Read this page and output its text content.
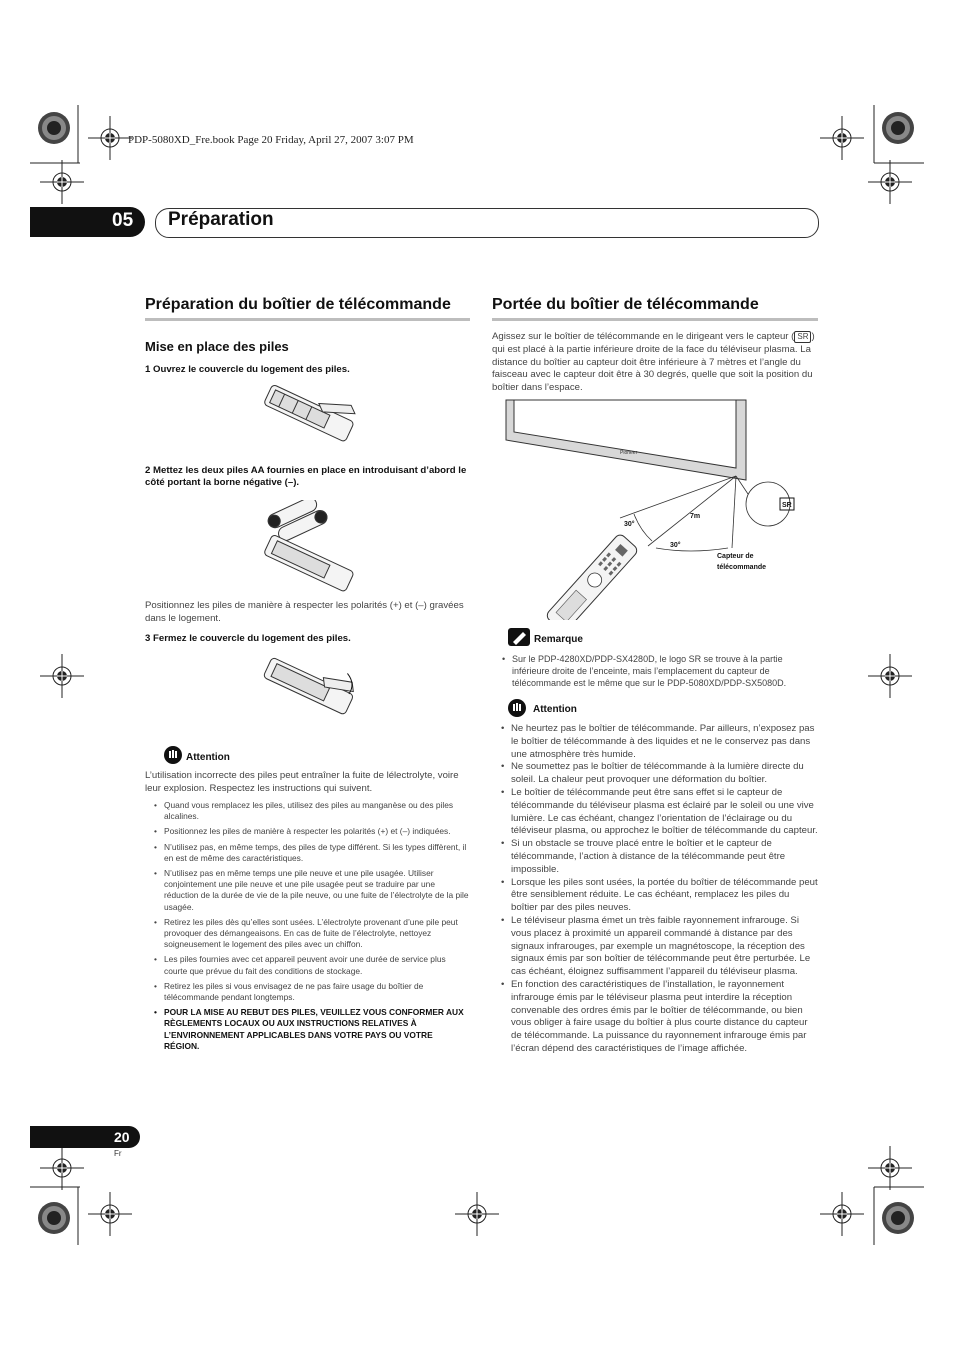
PDP-5080XD_Fre.book Page 20 Friday, April 27, 2007 3:07 PM
05 Préparation
Préparation du boîtier de télécommande
Mise en place des piles
1 Ouvrez le couvercle du logement des piles.
2 Mettez les deux piles AA fournies en place en introduisant d’abord le côté portant la borne négative (–).
Positionnez les piles de manière à respecter les polarités (+) et (–) gravées dans le logement.
3 Fermez le couvercle du logement des piles.
Attention
L’utilisation incorrecte des piles peut entraîner la fuite de lélectrolyte, voire leur explosion. Respectez les instructions qui suivent.
• Quand vous remplacez les piles, utilisez des piles au manganèse ou des piles alcalines.
• Positionnez les piles de manière à respecter les polarités (+) et (–) indiquées.
• N’utilisez pas, en même temps, des piles de type différent. Si les types diffèrent, il en est de même des caractéristiques.
• N’utilisez pas en même temps une pile neuve et une pile usagée. Utiliser conjointement une pile neuve et une pile usagée peut se traduire par une réduction de la durée de vie de la pile neuve, ou une fuite de l’électrolyte de la pile usagée.
• Retirez les piles dès qu’elles sont usées. L’électrolyte provenant d’une pile peut provoquer des démangeaisons. En cas de fuite de l’électrolyte, nettoyez soigneusement le logement des piles avec un chiffon.
• Les piles fournies avec cet appareil peuvent avoir une durée de service plus courte que prévue du fait des conditions de stockage.
• Retirez les piles si vous envisagez de ne pas faire usage du boîtier de télécommande pendant longtemps.
• POUR LA MISE AU REBUT DES PILES, VEUILLEZ VOUS CONFORMER AUX RÈGLEMENTS LOCAUX OU AUX INSTRUCTIONS RELATIVES À L’ENVIRONNEMENT APPLICABLES DANS VOTRE PAYS OU VOTRE RÉGION.
Portée du boîtier de télécommande
Agissez sur le boîtier de télécommande en le dirigeant vers le capteur ( SR ) qui est placé à la partie inférieure droite de la face du téléviseur plasma. La distance du boîtier au capteur doit être inférieure à 7 mètres et l’angle du faisceau avec le capteur doit être à 30 degrés, quelle que soit la position du boîtier dans l’espace.
Pioneer
30°
7m
30°
SR
Capteur de
télécommande
Remarque
• Sur le PDP-4280XD/PDP-SX4280D, le logo SR se trouve à la partie inférieure droite de l’enceinte, mais l’emplacement du capteur de télécommande est le même que sur le PDP-5080XD/PDP-SX5080D.
Attention
• Ne heurtez pas le boîtier de télécommande. Par ailleurs, n’exposez pas le boîtier de télécommande à des liquides et ne le conservez pas dans une atmosphère très humide.
• Ne soumettez pas le boîtier de télécommande à la lumière directe du soleil. La chaleur peut provoquer une déformation du boîtier.
• Le boîtier de télécommande peut être sans effet si le capteur de télécommande du téléviseur plasma est éclairé par le soleil ou une vive lumière. Le cas échéant, changez l’orientation de l’éclairage ou du téléviseur plasma, ou approchez le boîtier de télécommande du capteur.
• Si un obstacle se trouve placé entre le boîtier et le capteur de télécommande, l’action à distance de la télécommande peut être impossible.
• Lorsque les piles sont usées, la portée du boîtier de télécommande peut être sensiblement réduite. Le cas échéant, remplacez les piles du boîtier par des piles neuves.
• Le téléviseur plasma émet un très faible rayonnement infrarouge. Si vous placez à proximité un appareil commandé à distance par des signaux infrarouges, par exemple un magnétoscope, la réception des signaux émis par son boîtier de télécommande peut être perturbée. Le cas échéant, éloignez suffisamment l’appareil du téléviseur plasma.
• En fonction des caractéristiques de l’installation, le rayonnement infrarouge émis par le téléviseur plasma peut interdire la réception convenable des ordres émis par le boîtier de télécommande, ou bien vous obliger à faire usage du boîtier à plus courte distance du capteur de télécommande. La puissance du rayonnement infrarouge émis par l’écran dépend des caractéristiques de l’image affichée.
20
Fr
